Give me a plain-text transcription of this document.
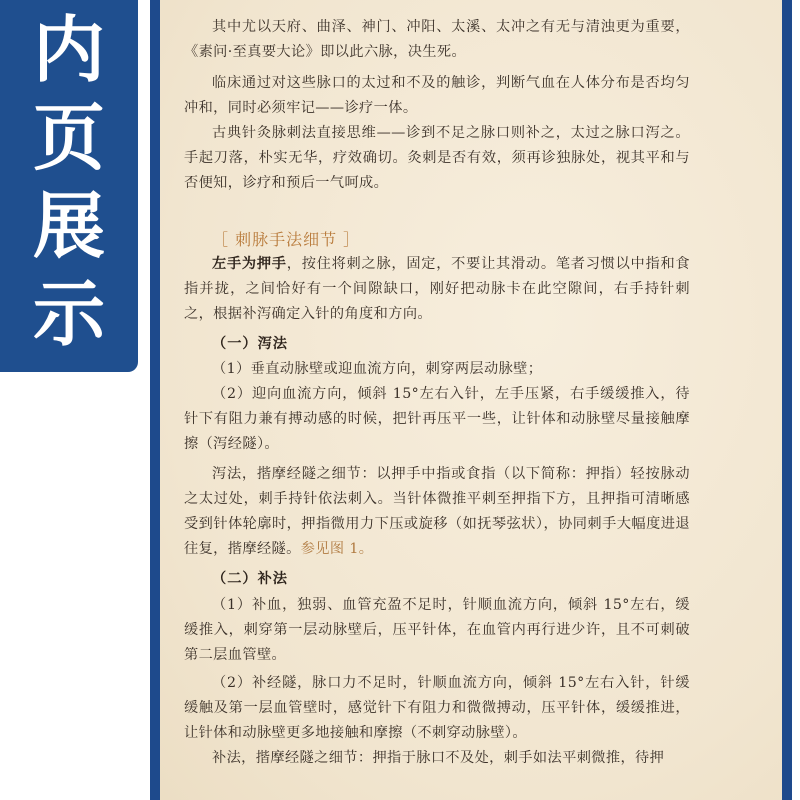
内
页
展
示

其中尤以天府、曲泽、神门、冲阳、太溪、太冲之有无与清浊更为重要，《素问·至真要大论》即以此六脉，决生死。

临床通过对这些脉口的太过和不及的触诊，判断气血在人体分布是否均匀冲和，同时必须牢记——诊疗一体。

古典针灸脉刺法直接思维——诊到不足之脉口则补之，太过之脉口泻之。手起刀落，朴实无华，疗效确切。灸刺是否有效，须再诊独脉处，视其平和与否便知，诊疗和预后一气呵成。

［ 刺脉手法细节 ］

左手为押手，按住将刺之脉，固定，不要让其滑动。笔者习惯以中指和食指并拢，之间恰好有一个间隙缺口，刚好把动脉卡在此空隙间，右手持针刺之，根据补泻确定入针的角度和方向。

（一）泻法

（1）垂直动脉壁或迎血流方向，刺穿两层动脉壁；

（2）迎向血流方向，倾斜 15°左右入针，左手压紧，右手缓缓推入，待针下有阻力兼有搏动感的时候，把针再压平一些，让针体和动脉壁尽量接触摩擦（泻经隧）。

泻法，揩摩经隧之细节：以押手中指或食指（以下简称：押指）轻按脉动之太过处，刺手持针依法刺入。当针体微推平刺至押指下方，且押指可清晰感受到针体轮廓时，押指微用力下压或旋移（如抚琴弦状），协同刺手大幅度进退往复，揩摩经隧。参见图 1。

（二）补法

（1）补血，独弱、血管充盈不足时，针顺血流方向，倾斜 15°左右，缓缓推入，刺穿第一层动脉壁后，压平针体，在血管内再行进少许，且不可刺破第二层血管壁。

（2）补经隧，脉口力不足时，针顺血流方向，倾斜 15°左右入针，针缓缓触及第一层血管壁时，感觉针下有阻力和微微搏动，压平针体，缓缓推进，让针体和动脉壁更多地接触和摩擦（不刺穿动脉壁）。

补法，揩摩经隧之细节：押指于脉口不及处，刺手如法平刺微推，待押
